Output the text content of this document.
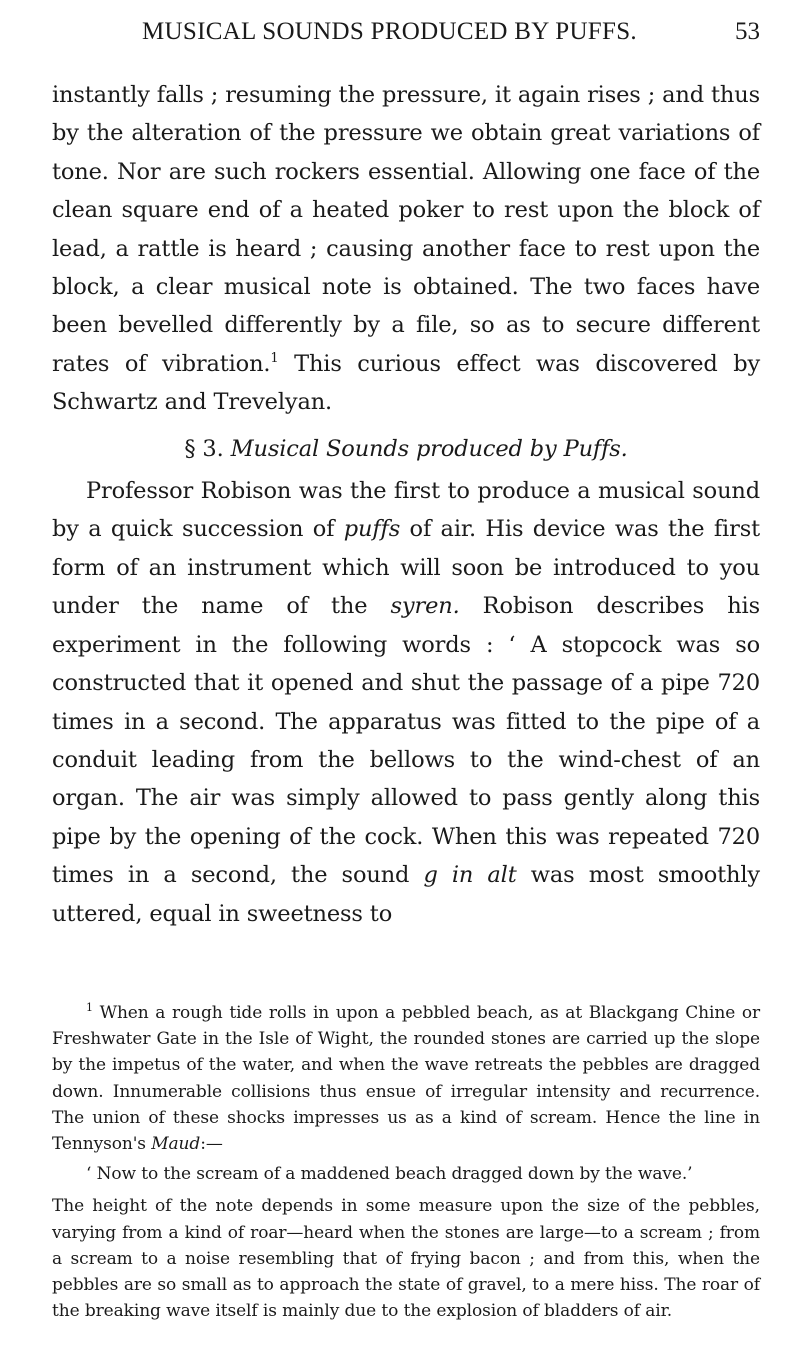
MUSICAL SOUNDS PRODUCED BY PUFFS.	53

instantly falls ; resuming the pressure, it again rises ; and thus by the alteration of the pressure we obtain great variations of tone. Nor are such rockers essential. Allowing one face of the clean square end of a heated poker to rest upon the block of lead, a rattle is heard ; causing another face to rest upon the block, a clear musical note is obtained. The two faces have been bevelled differently by a file, so as to secure different rates of vibration.$^1$ This curious effect was discovered by Schwartz and Trevelyan.

§ 3. Musical Sounds produced by Puffs.

Professor Robison was the first to produce a musical sound by a quick succession of puffs of air. His device was the first form of an instrument which will soon be introduced to you under the name of the syren. Robison describes his experiment in the following words : ‘ A stopcock was so constructed that it opened and shut the passage of a pipe 720 times in a second. The apparatus was fitted to the pipe of a conduit leading from the bellows to the wind-chest of an organ. The air was simply allowed to pass gently along this pipe by the opening of the cock. When this was repeated 720 times in a second, the sound g in alt was most smoothly uttered, equal in sweetness to

$^1$ When a rough tide rolls in upon a pebbled beach, as at Blackgang Chine or Freshwater Gate in the Isle of Wight, the rounded stones are carried up the slope by the impetus of the water, and when the wave retreats the pebbles are dragged down. Innumerable collisions thus ensue of irregular intensity and recurrence. The union of these shocks impresses us as a kind of scream. Hence the line in Tennyson's Maud:—

‘ Now to the scream of a maddened beach dragged down by the wave.’

The height of the note depends in some measure upon the size of the pebbles, varying from a kind of roar—heard when the stones are large—to a scream ; from a scream to a noise resembling that of frying bacon ; and from this, when the pebbles are so small as to approach the state of gravel, to a mere hiss. The roar of the breaking wave itself is mainly due to the explosion of bladders of air.
